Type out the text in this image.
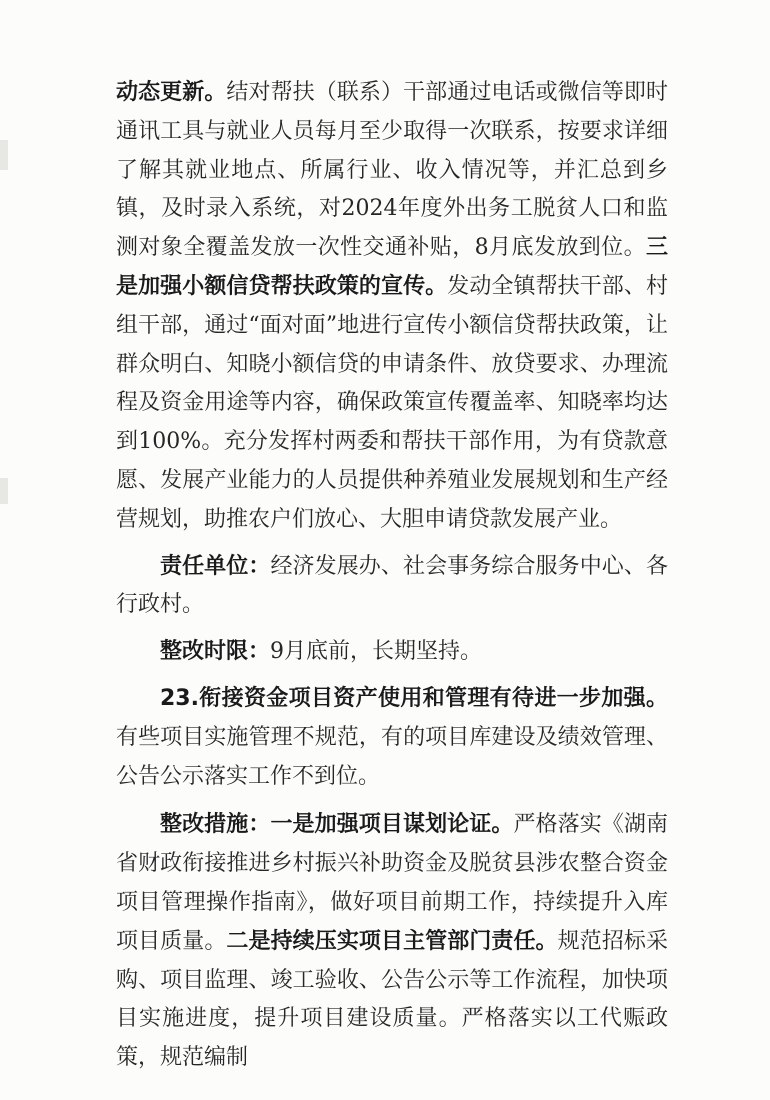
动态更新。结对帮扶（联系）干部通过电话或微信等即时通讯工具与就业人员每月至少取得一次联系，按要求详细了解其就业地点、所属行业、收入情况等，并汇总到乡镇，及时录入系统，对2024年度外出务工脱贫人口和监测对象全覆盖发放一次性交通补贴，8月底发放到位。三是加强小额信贷帮扶政策的宣传。发动全镇帮扶干部、村组干部，通过“面对面”地进行宣传小额信贷帮扶政策，让群众明白、知晓小额信贷的申请条件、放贷要求、办理流程及资金用途等内容，确保政策宣传覆盖率、知晓率均达到100%。充分发挥村两委和帮扶干部作用，为有贷款意愿、发展产业能力的人员提供种养殖业发展规划和生产经营规划，助推农户们放心、大胆申请贷款发展产业。

责任单位：经济发展办、社会事务综合服务中心、各行政村。

整改时限：9月底前，长期坚持。

23.衔接资金项目资产使用和管理有待进一步加强。有些项目实施管理不规范，有的项目库建设及绩效管理、公告公示落实工作不到位。

整改措施：一是加强项目谋划论证。严格落实《湖南省财政衔接推进乡村振兴补助资金及脱贫县涉农整合资金项目管理操作指南》，做好项目前期工作，持续提升入库项目质量。二是持续压实项目主管部门责任。规范招标采购、项目监理、竣工验收、公告公示等工作流程，加快项目实施进度，提升项目建设质量。严格落实以工代赈政策，规范编制
